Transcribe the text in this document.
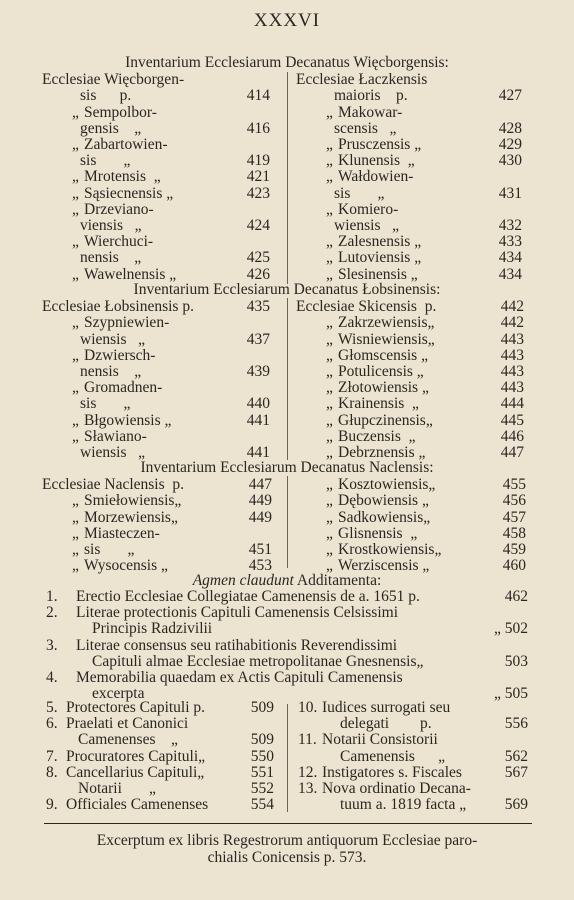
XXXVI
Inventarium Ecclesiarum Decanatus Więcborgensis:
Ecclesiae Więcborgen-
sis      p.	414
„ Sempolbor-
gensis    „	416
„ Zabartowien-
sis       „	419
„ Mrotensis  „	421
„ Sąsiecnensis „	423
„ Drzeviano-
viensis   „	424
„ Wierchuci-
nensis    „	425
„ Wawelnensis „	426
Ecclesiae Łaczkensis
maioris    p.	427
„ Makowar-
scensis   „	428
„ Prusczensis „	429
„ Klunensis  „	430
„ Wałdowien-
sis       „	431
„ Komiero-
wiensis   „	432
„ Zalesnensis „	433
„ Lutoviensis „	434
„ Slesinensis „	434
Inventarium Ecclesiarum Decanatus Łobsinensis:
Ecclesiae Łobsinensis p.	435
„ Szypniewien-
wiensis   „	437
„ Dzwiersch-
nensis    „	439
„ Gromadnen-
sis       „	440
„ Błgowiensis „	441
„ Sławiano-
wiensis   „	441
Ecclesiae Skicensis  p.	442
„ Zakrzewiensis„	442
„ Wisniewiensis„	443
„ Głomscensis „	443
„ Potulicensis „	443
„ Złotowiensis „	443
„ Krainensis  „	444
„ Głupczinensis„	445
„ Buczensis  „	446
„ Debrznensis „	447
Inventarium Ecclesiarum Decanatus Naclensis:
Ecclesiae Naclensis  p.	447
„ Smiełowiensis„	449
„ Morzewiensis„	449
„ Miasteczen-
„ sis       „	451
„ Wysocensis „	453
„ Kosztowiensis„	455
„ Dębowiensis „	456
„ Sadkowiensis„	457
„ Glisnensis  „	458
„ Krostkowiensis„	459
„ Werziscensis „	460
Agmen claudunt Additamenta:
1. Erectio Ecclesiae Collegiatae Camenensis de a. 1651 p.	462
2. Literae protectionis Capituli Camenensis Celsissimi
Principis Radzivilii	„ 502
3. Literae consensus seu ratihabitionis Reverendissimi
Capituli almae Ecclesiae metropolitanae Gnesnensis„	503
4. Memorabilia quaedam ex Actis Capituli Camenensis
excerpta	„ 505
5. Protectores Capituli p.	509
6. Praelati et Canonici
Camenenses    „	509
7. Procuratores Capituli„	550
8. Cancellarius Capituli„	551
Notarii       „	552
9. Officiales Camenenses	554
10. Iudices surrogati seu
delegati        p.	556
11. Notarii Consistorii
Camenensis      „	562
12. Instigatores s. Fiscales	567
13. Nova ordinatio Decana-
tuum a. 1819 facta „	569
Excerptum ex libris Regestrorum antiquorum Ecclesiae paro-
chialis Conicensis p. 573.
